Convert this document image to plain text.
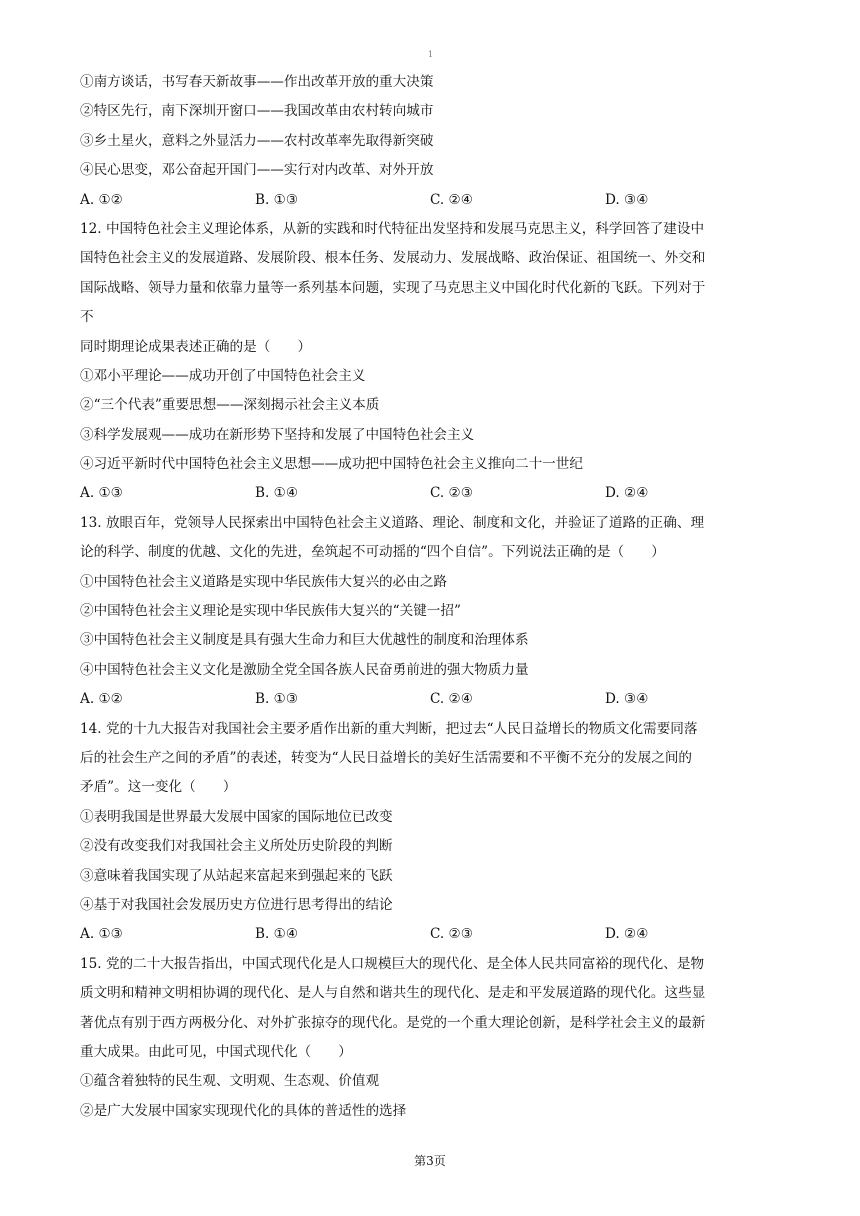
1
①南方谈话，书写春天新故事——作出改革开放的重大决策
②特区先行，南下深圳开窗口——我国改革由农村转向城市
③乡土星火，意料之外显活力——农村改革率先取得新突破
④民心思变，邓公奋起开国门——实行对内改革、对外开放
A. ①②	B. ①③	C. ②④	D. ③④
12. 中国特色社会主义理论体系，从新的实践和时代特征出发坚持和发展马克思主义，科学回答了建设中
国特色社会主义的发展道路、发展阶段、根本任务、发展动力、发展战略、政治保证、祖国统一、外交和
国际战略、领导力量和依靠力量等一系列基本问题，实现了马克思主义中国化时代化新的飞跃。下列对于
不
同时期理论成果表述正确的是（　　）
①邓小平理论——成功开创了中国特色社会主义
②“三个代表”重要思想——深刻揭示社会主义本质
③科学发展观——成功在新形势下坚持和发展了中国特色社会主义
④习近平新时代中国特色社会主义思想——成功把中国特色社会主义推向二十一世纪
A. ①③	B. ①④	C. ②③	D. ②④
13. 放眼百年，党领导人民探索出中国特色社会主义道路、理论、制度和文化，并验证了道路的正确、理
论的科学、制度的优越、文化的先进，垒筑起不可动摇的“四个自信”。下列说法正确的是（　　）
①中国特色社会主义道路是实现中华民族伟大复兴的必由之路
②中国特色社会主义理论是实现中华民族伟大复兴的“关键一招”
③中国特色社会主义制度是具有强大生命力和巨大优越性的制度和治理体系
④中国特色社会主义文化是激励全党全国各族人民奋勇前进的强大物质力量
A. ①②	B. ①③	C. ②④	D. ③④
14. 党的十九大报告对我国社会主要矛盾作出新的重大判断，把过去“人民日益增长的物质文化需要同落
后的社会生产之间的矛盾”的表述，转变为“人民日益增长的美好生活需要和不平衡不充分的发展之间的
矛盾”。这一变化（　　）
①表明我国是世界最大发展中国家的国际地位已改变
②没有改变我们对我国社会主义所处历史阶段的判断
③意味着我国实现了从站起来富起来到强起来的飞跃
④基于对我国社会发展历史方位进行思考得出的结论
A. ①③	B. ①④	C. ②③	D. ②④
15. 党的二十大报告指出，中国式现代化是人口规模巨大的现代化、是全体人民共同富裕的现代化、是物
质文明和精神文明相协调的现代化、是人与自然和谐共生的现代化、是走和平发展道路的现代化。这些显
著优点有别于西方两极分化、对外扩张掠夺的现代化。是党的一个重大理论创新，是科学社会主义的最新
重大成果。由此可见，中国式现代化（　　）
①蕴含着独特的民生观、文明观、生态观、价值观
②是广大发展中国家实现现代化的具体的普适性的选择
第3页
